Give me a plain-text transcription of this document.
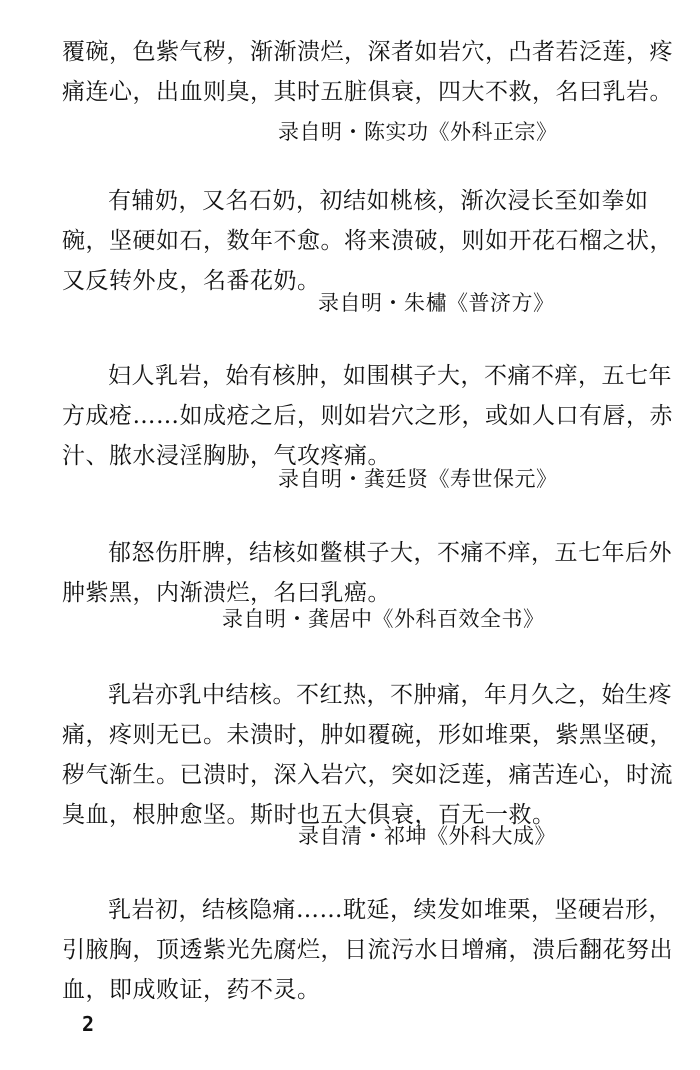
覆碗，色紫气秽，渐渐溃烂，深者如岩穴，凸者若泛莲，疼
痛连心，出血则臭，其时五脏俱衰，四大不救，名曰乳岩。

录自明・陈实功《外科正宗》

有辅奶，又名石奶，初结如桃核，渐次浸长至如拳如
碗，坚硬如石，数年不愈。将来溃破，则如开花石榴之状，
又反转外皮，名番花奶。

录自明・朱橚《普济方》

妇人乳岩，始有核肿，如围棋子大，不痛不痒，五七年
方成疮……如成疮之后，则如岩穴之形，或如人口有唇，赤
汁、脓水浸淫胸胁，气攻疼痛。

录自明・龚廷贤《寿世保元》

郁怒伤肝脾，结核如鳖棋子大，不痛不痒，五七年后外
肿紫黑，内渐溃烂，名曰乳癌。

录自明・龚居中《外科百效全书》

乳岩亦乳中结核。不红热，不肿痛，年月久之，始生疼
痛，疼则无已。未溃时，肿如覆碗，形如堆栗，紫黑坚硬，
秽气渐生。已溃时，深入岩穴，突如泛莲，痛苦连心，时流
臭血，根肿愈坚。斯时也五大俱衰，百无一救。

录自清・祁坤《外科大成》

乳岩初，结核隐痛……耽延，续发如堆栗，坚硬岩形，
引腋胸，顶透紫光先腐烂，日流污水日增痛，溃后翻花努出
血，即成败证，药不灵。

2
